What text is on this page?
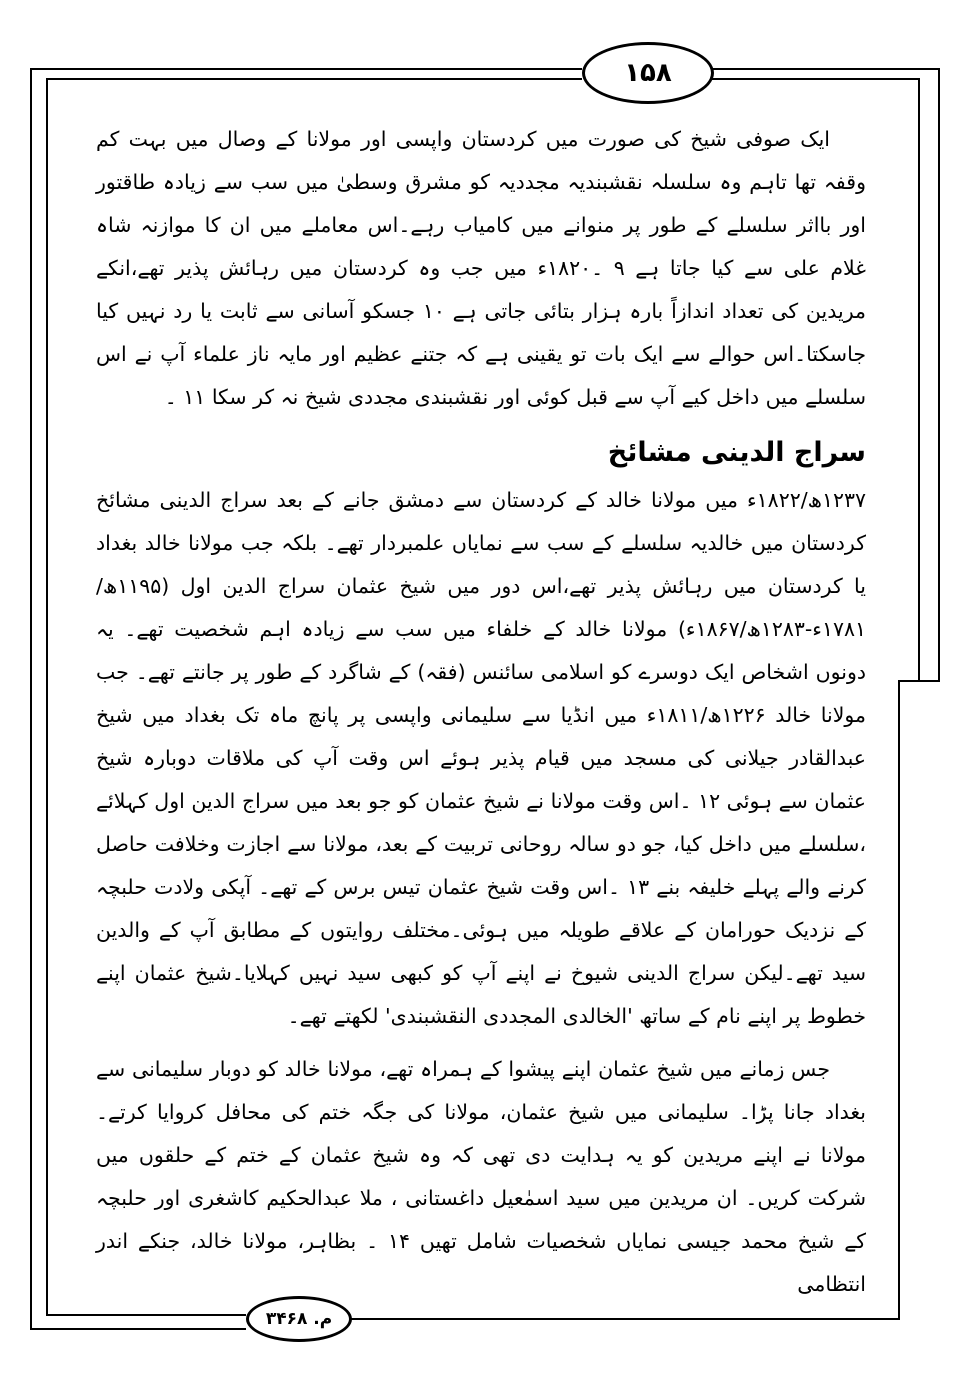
۱۵۸

ایک صوفی شیخ کی صورت میں کردستان واپسی اور مولانا کے وصال میں بہت کم وقفہ تھا تاہم وہ سلسلہ نقشبندیہ مجددیہ کو مشرق وسطیٰ میں سب سے زیادہ طاقتور اور بااثر سلسلے کے طور پر منوانے میں کامیاب رہے۔اس معاملے میں ان کا موازنہ شاہ غلام علی سے کیا جاتا ہے ۹ ۔۱۸۲۰ء میں جب وہ کردستان میں رہائش پذیر تھے،انکے مریدین کی تعداد اندازاً بارہ ہزار بتائی جاتی ہے ۱۰ جسکو آسانی سے ثابت یا رد نہیں کیا جاسکتا۔اس حوالے سے ایک بات تو یقینی ہے کہ جتنے عظیم اور مایہ ناز علماء آپ نے اس سلسلے میں داخل کیے آپ سے قبل کوئی اور نقشبندی مجددی شیخ نہ کر سکا ۱۱ ۔

سراج الدینی مشائخ

۱۲۳۷ھ/۱۸۲۲ء میں مولانا خالد کے کردستان سے دمشق جانے کے بعد سراج الدینی مشائخ کردستان میں خالدیہ سلسلے کے سب سے نمایاں علمبردار تھے۔ بلکہ جب مولانا خالد بغداد یا کردستان میں رہائش پذیر تھے،اس دور میں شیخ عثمان سراج الدین اول (۱۱۹۵ھ/۱۷۸۱ء-۱۲۸۳ھ/۱۸۶۷ء) مولانا خالد کے خلفاء میں سب سے زیادہ اہم شخصیت تھے۔ یہ دونوں اشخاص ایک دوسرے کو اسلامی سائنس (فقہ) کے شاگرد کے طور پر جانتے تھے۔ جب مولانا خالد ۱۲۲۶ھ/۱۸۱۱ء میں انڈیا سے سلیمانی واپسی پر پانچ ماہ تک بغداد میں شیخ عبدالقادر جیلانی کی مسجد میں قیام پذیر ہوئے اس وقت آپ کی ملاقات دوبارہ شیخ عثمان سے ہوئی ۱۲ ۔اس وقت مولانا نے شیخ عثمان کو جو بعد میں سراج الدین اول کہلائے ،سلسلے میں داخل کیا، جو دو سالہ روحانی تربیت کے بعد، مولانا سے اجازت وخلافت حاصل کرنے والے پہلے خلیفہ بنے ۱۳ ۔اس وقت شیخ عثمان تیس برس کے تھے۔ آپکی ولادت حلبچہ کے نزدیک حورامان کے علاقے طویلہ میں ہوئی۔مختلف روایتوں کے مطابق آپ کے والدین سید تھے۔لیکن سراج الدینی شیوخ نے اپنے آپ کو کبھی سید نہیں کہلایا۔شیخ عثمان اپنے خطوط پر اپنے نام کے ساتھ 'الخالدی المجددی النقشبندی' لکھتے تھے۔

جس زمانے میں شیخ عثمان اپنے پیشوا کے ہمراہ تھے، مولانا خالد کو دوبار سلیمانی سے بغداد جانا پڑا۔ سلیمانی میں شیخ عثمان، مولانا کی جگہ ختم کی محافل کروایا کرتے۔ مولانا نے اپنے مریدین کو یہ ہدایت دی تھی کہ وہ شیخ عثمان کے ختم کے حلقوں میں شرکت کریں۔ ان مریدین میں سید اسمٰعیل داغستانی ، ملا عبدالحکیم کاشغری اور حلبچہ کے شیخ محمد جیسی نمایاں شخصیات شامل تھیں ۱۴ ۔ بظاہر، مولانا خالد، جنکے اندر انتظامی

۳۴۶۸ .م
